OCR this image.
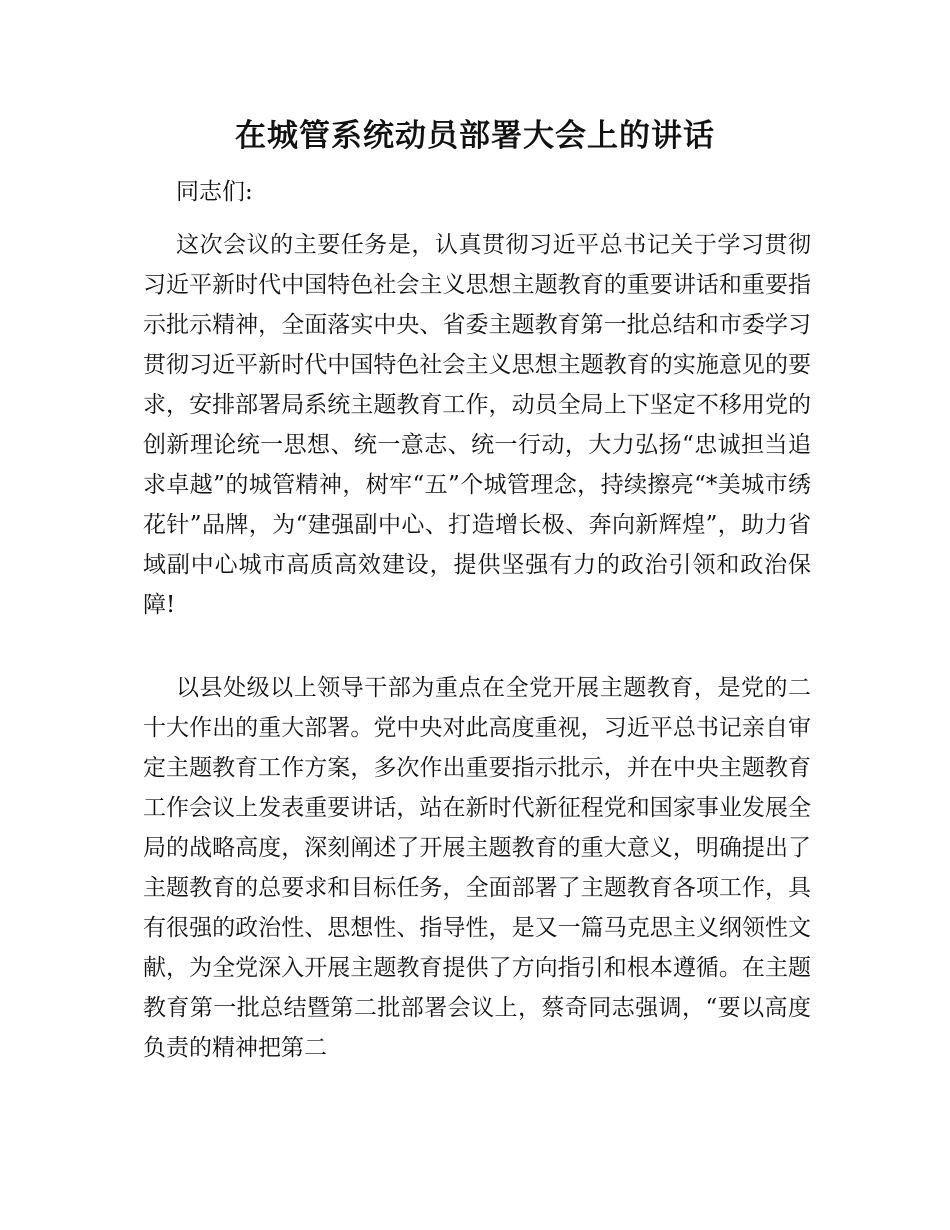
在城管系统动员部署大会上的讲话

同志们:

这次会议的主要任务是，认真贯彻习近平总书记关于学习贯彻习近平新时代中国特色社会主义思想主题教育的重要讲话和重要指示批示精神，全面落实中央、省委主题教育第一批总结和市委学习贯彻习近平新时代中国特色社会主义思想主题教育的实施意见的要求，安排部署局系统主题教育工作，动员全局上下坚定不移用党的创新理论统一思想、统一意志、统一行动，大力弘扬“忠诚担当追求卓越”的城管精神，树牢“五”个城管理念，持续擦亮“*美城市绣花针”品牌，为“建强副中心、打造增长极、奔向新辉煌”，助力省域副中心城市高质高效建设，提供坚强有力的政治引领和政治保障!

以县处级以上领导干部为重点在全党开展主题教育，是党的二十大作出的重大部署。党中央对此高度重视，习近平总书记亲自审定主题教育工作方案，多次作出重要指示批示，并在中央主题教育工作会议上发表重要讲话，站在新时代新征程党和国家事业发展全局的战略高度，深刻阐述了开展主题教育的重大意义，明确提出了主题教育的总要求和目标任务，全面部署了主题教育各项工作，具有很强的政治性、思想性、指导性，是又一篇马克思主义纲领性文献，为全党深入开展主题教育提供了方向指引和根本遵循。在主题教育第一批总结暨第二批部署会议上，蔡奇同志强调，“要以高度负责的精神把第二
